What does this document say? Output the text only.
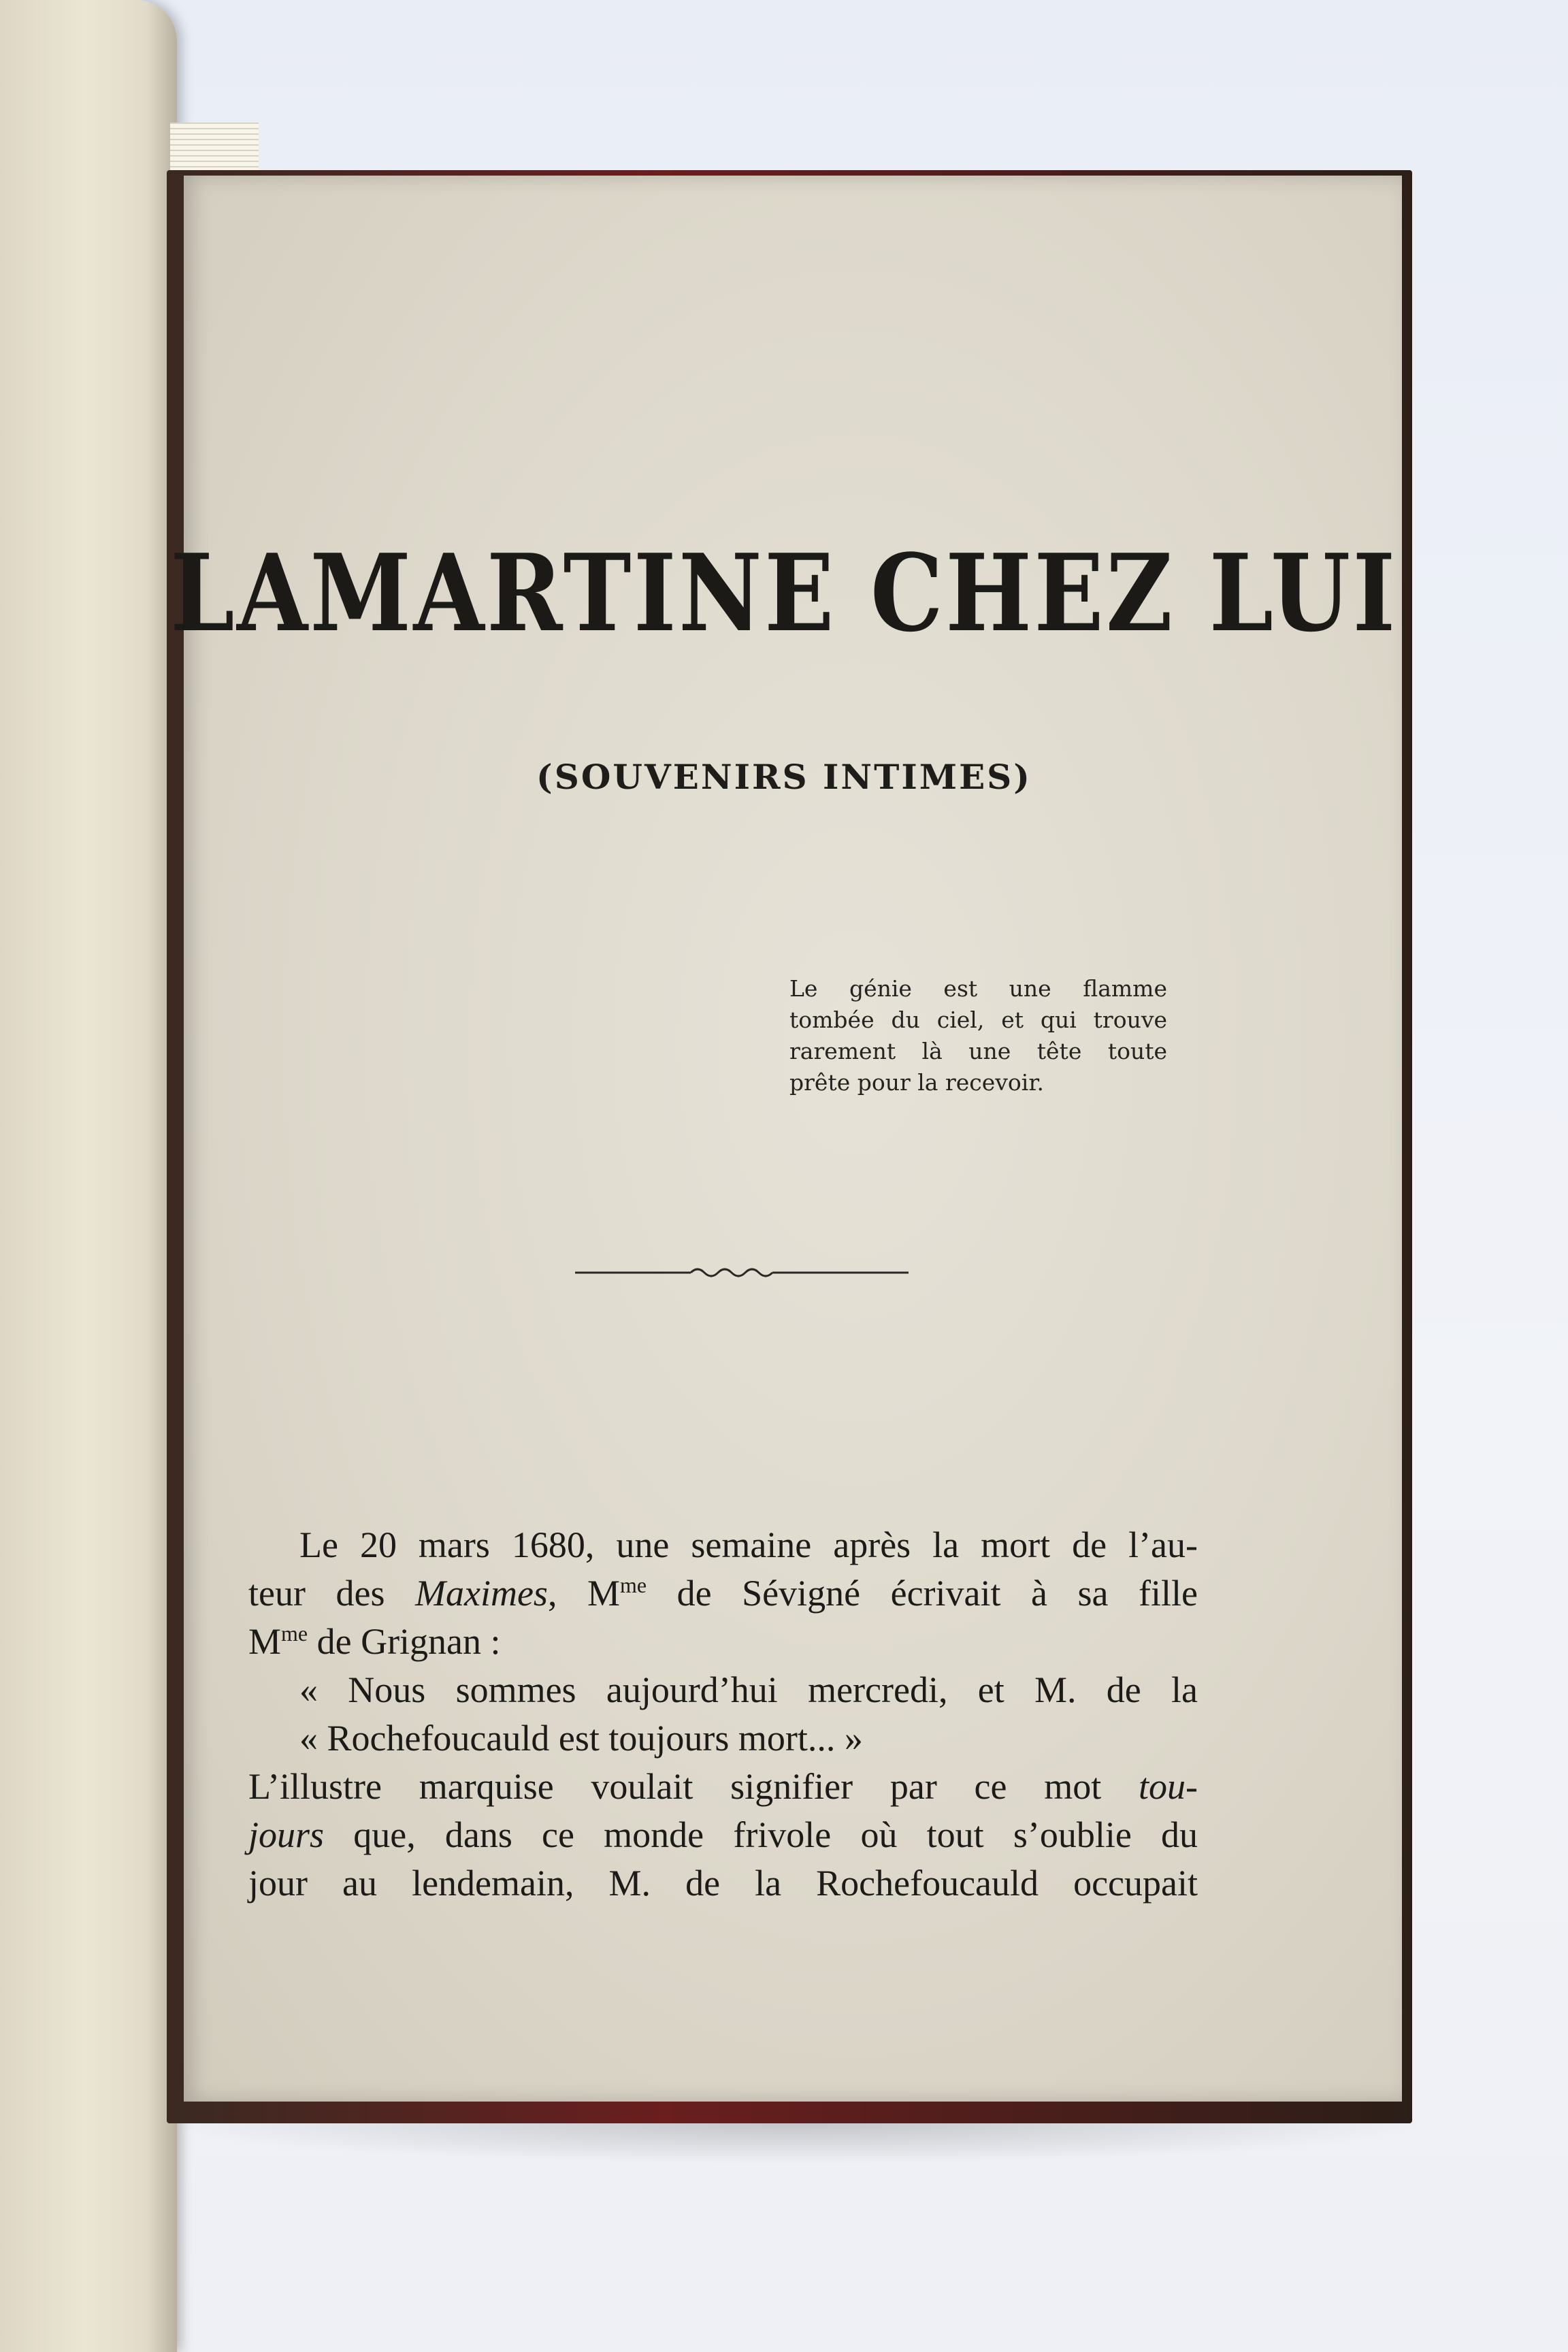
LAMARTINE CHEZ LUI
(SOUVENIRS INTIMES)
Le génie est une flamme
tombée du ciel, et qui trouve
rarement là une tête toute
prête pour la recevoir.
Le 20 mars 1680, une semaine après la mort de l’au-
teur des Maximes, $M^{me}$ de Sévigné écrivait à sa fille
$M^{me}$ de Grignan :
« Nous sommes aujourd’hui mercredi, et M. de la
« Rochefoucauld est toujours mort... »
L’illustre marquise voulait signifier par ce mot tou-
jours que, dans ce monde frivole où tout s’oublie du
jour au lendemain, M. de la Rochefoucauld occupait
